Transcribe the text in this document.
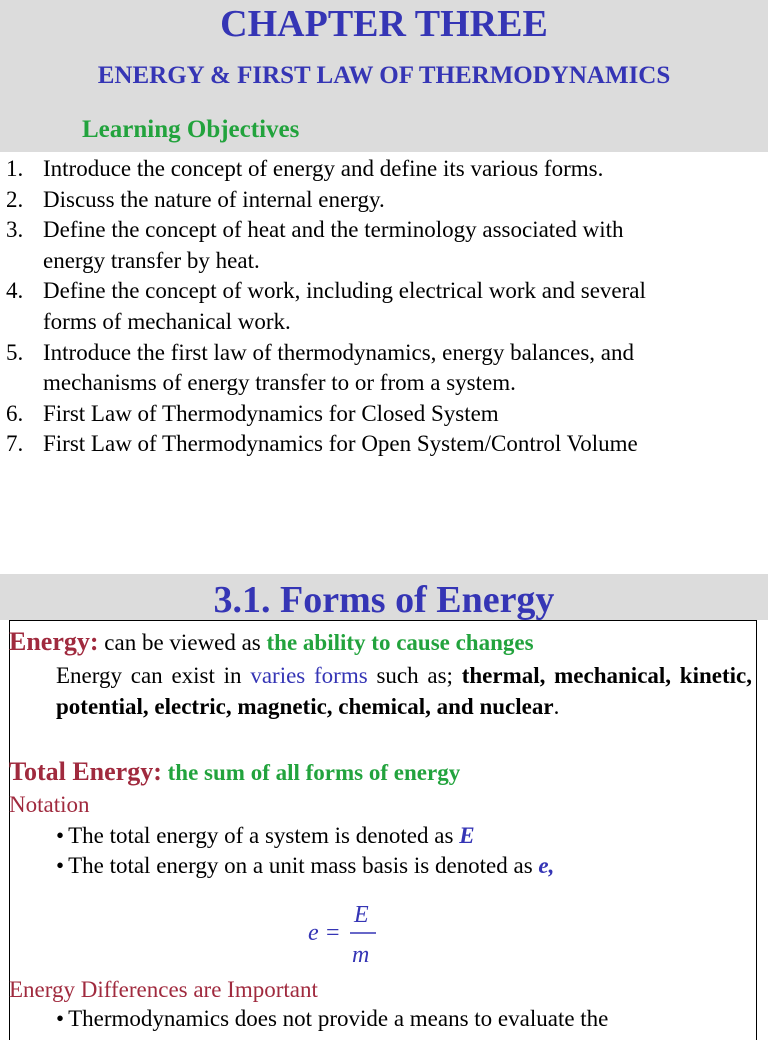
CHAPTER THREE
ENERGY & FIRST LAW OF THERMODYNAMICS
Learning Objectives
1. Introduce the concept of energy and define its various forms.
2. Discuss the nature of internal energy.
3. Define the concept of heat and the terminology associated with
energy transfer by heat.
4. Define the concept of work, including electrical work and several
forms of mechanical work.
5. Introduce the first law of thermodynamics, energy balances, and
mechanisms of energy transfer to or from a system.
6. First Law of Thermodynamics for Closed System
7. First Law of Thermodynamics for Open System/Control Volume
3.1. Forms of Energy
Energy: can be viewed as the ability to cause changes
Energy can exist in varies forms such as; thermal, mechanical, kinetic, potential, electric, magnetic, chemical, and nuclear.
Total Energy: the sum of all forms of energy
Notation
• The total energy of a system is denoted as E
• The total energy on a unit mass basis is denoted as e,
e =
E
m
Energy Differences are Important
• Thermodynamics does not provide a means to evaluate the
